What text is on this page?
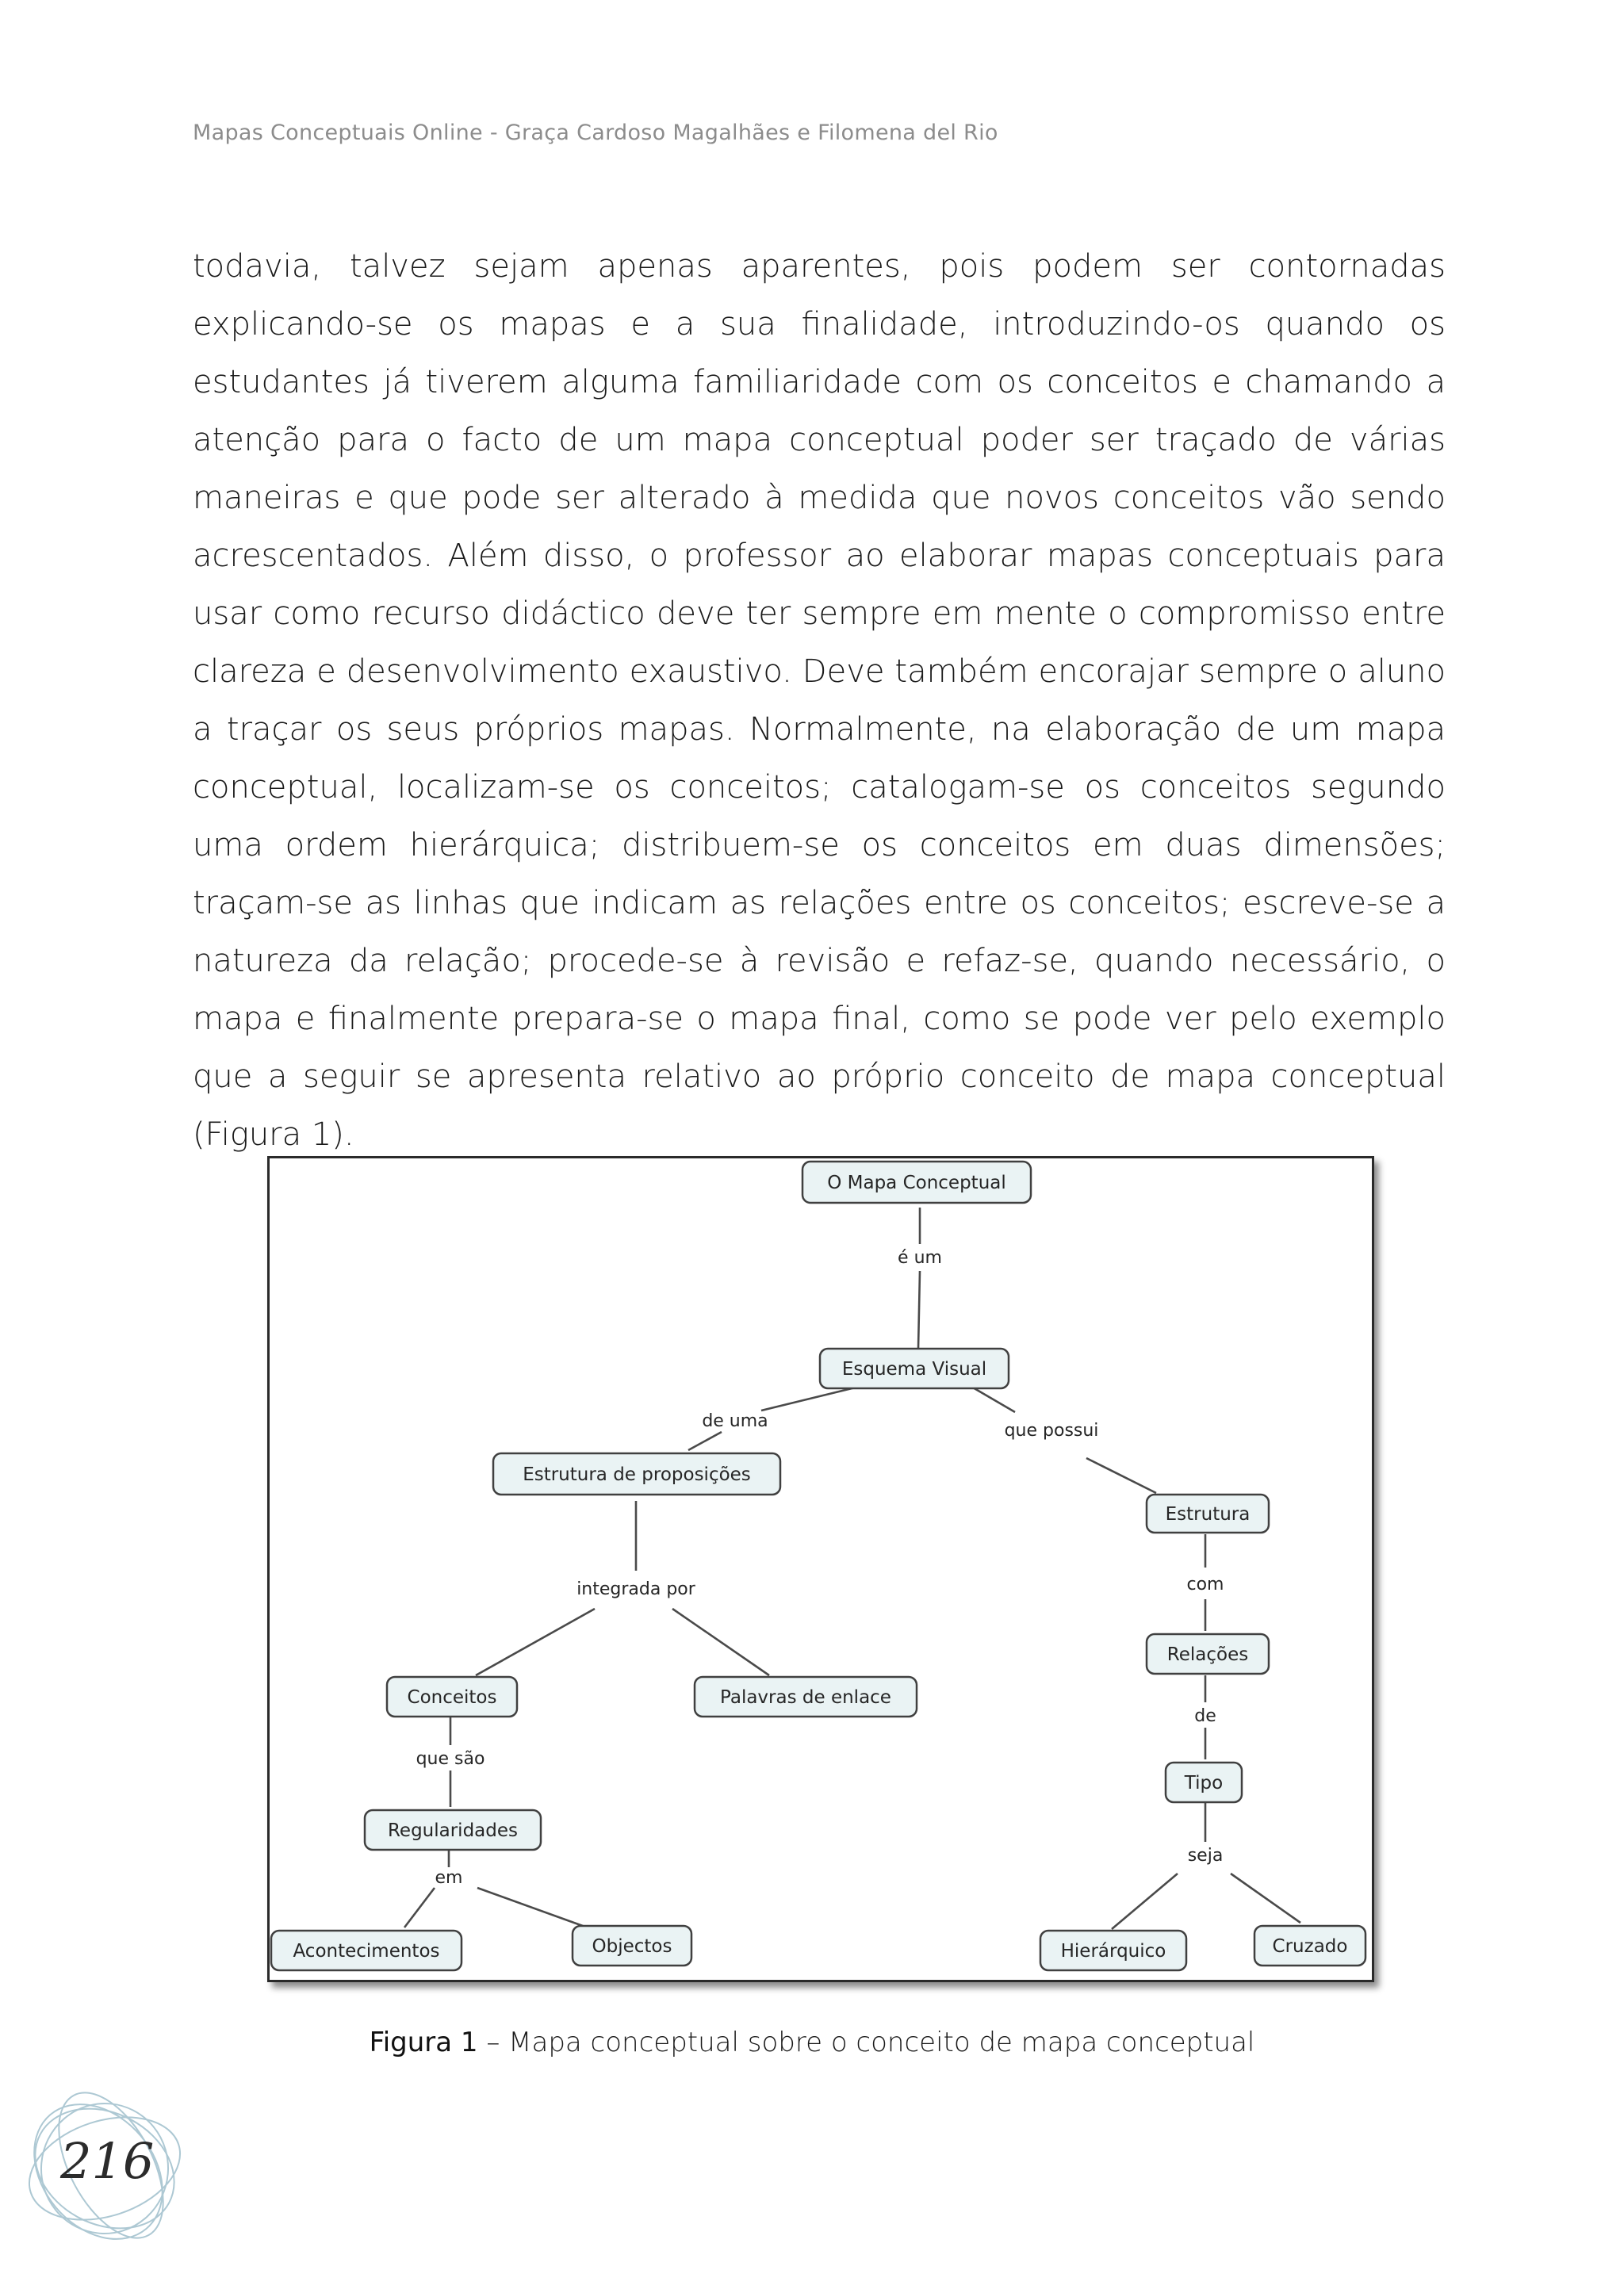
Mapas Conceptuais Online - Graça Cardoso Magalhães e Filomena del Rio
todavia, talvez sejam apenas aparentes, pois podem ser contornadas explicando-se os mapas e a sua finalidade, introduzindo-os quando os estudantes já tiverem alguma familiaridade com os conceitos e chamando a atenção para o facto de um mapa conceptual poder ser traçado de várias maneiras e que pode ser alterado à medida que novos conceitos vão sendo acrescentados. Além disso, o professor ao elaborar mapas conceptuais para usar como recurso didáctico deve ter sempre em mente o compromisso entre clareza e desenvolvimento exaustivo. Deve também encorajar sempre o aluno a traçar os seus próprios mapas. Normalmente, na elaboração de um mapa conceptual, localizam-se os conceitos; catalogam-se os conceitos segundo uma ordem hierárquica; distribuem-se os conceitos em duas dimensões; traçam-se as linhas que indicam as relações entre os conceitos; escreve-se a natureza da relação; procede-se à revisão e refaz-se, quando necessário, o mapa e finalmente prepara-se o mapa final, como se pode ver pelo exemplo que a seguir se apresenta relativo ao próprio conceito de mapa conceptual (Figura 1).
é um
de uma	que possui
integrada por	com
que são
de
em
seja
O Mapa Conceptual
Esquema Visual
Estrutura de proposições
Estrutura
Conceitos	Palavras de enlace
Relações
Regularidades
Tipo
Acontecimentos	Objectos	Hierárquico	Cruzado
Figura 1 – Mapa conceptual sobre o conceito de mapa conceptual
216
